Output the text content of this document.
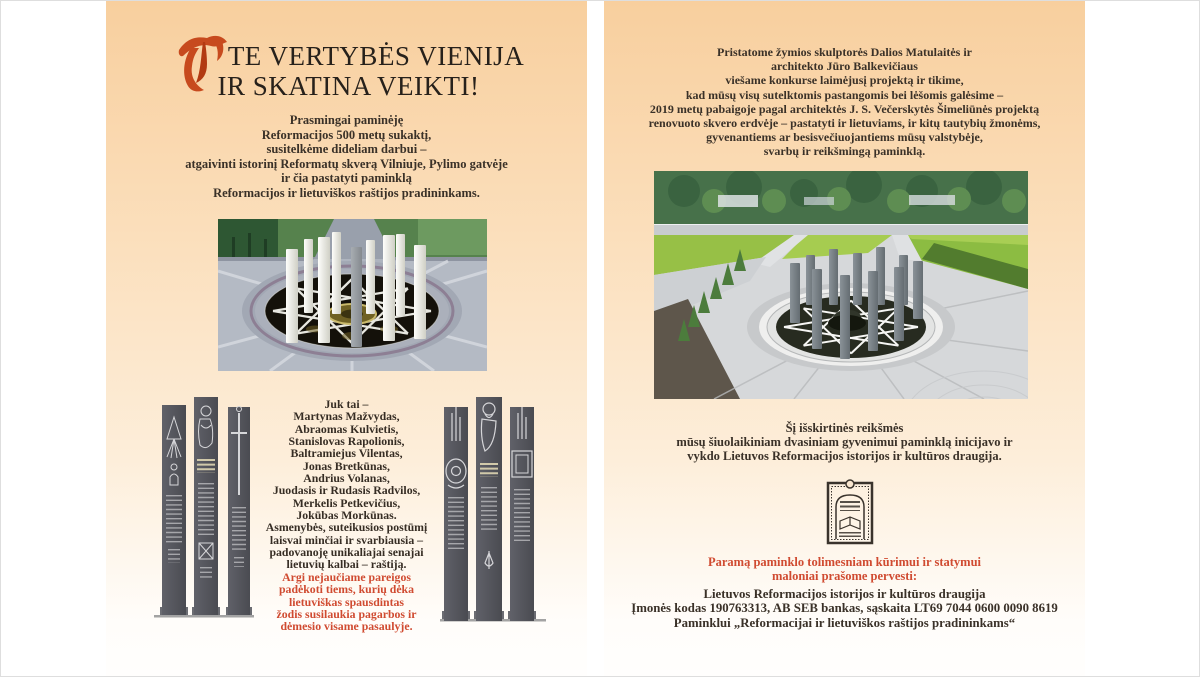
TE VERTYBĖS VIENIJA
IR SKATINA VEIKTI!
Prasmingai paminėję
Reformacijos 500 metų sukaktį,
susitelkėme dideliam darbui –
atgaivinti istorinį Reformatų skverą Vilniuje, Pylimo gatvėje
ir čia pastatyti paminklą
Reformacijos ir lietuviškos raštijos pradininkams.
Juk tai –
Martynas Mažvydas,
Abraomas Kulvietis,
Stanislovas Rapolionis,
Baltramiejus Vilentas,
Jonas Bretkūnas,
Andrius Volanas,
Juodasis ir Rudasis Radvilos,
Merkelis Petkevičius,
Jokūbas Morkūnas.
Asmenybės, suteikusios postūmį
laisvai minčiai ir svarbiausia –
padovanoję unikaliajai senajai
lietuvių kalbai – raštiją.
Argi nejaučiame pareigos
padėkoti tiems, kurių dėka
lietuviškas spausdintas
žodis susilaukia pagarbos ir
dėmesio visame pasaulyje.
Pristatome žymios skulptorės Dalios Matulaitės ir
architekto Jūro Balkevičiaus
viešame konkurse laimėjusį projektą ir tikime,
kad mūsų visų sutelktomis pastangomis bei lėšomis galėsime –
2019 metų pabaigoje pagal architektės J. S. Večerskytės Šimeliūnės projektą
renovuoto skvero erdvėje – pastatyti ir lietuviams, ir kitų tautybių žmonėms,
gyvenantiems ar besisvečiuojantiems mūsų valstybėje,
svarbų ir reikšmingą paminklą.
Šį išskirtinės reikšmės
mūsų šiuolaikiniam dvasiniam gyvenimui paminklą inicijavo ir
vykdo Lietuvos Reformacijos istorijos ir kultūros draugija.
Paramą paminklo tolimesniam kūrimui ir statymui
maloniai prašome pervesti:
Lietuvos Reformacijos istorijos ir kultūros draugija
Įmonės kodas 190763313, AB SEB bankas, sąskaita LT69 7044 0600 0090 8619
Paminklui „Reformacijai ir lietuviškos raštijos pradininkams“
